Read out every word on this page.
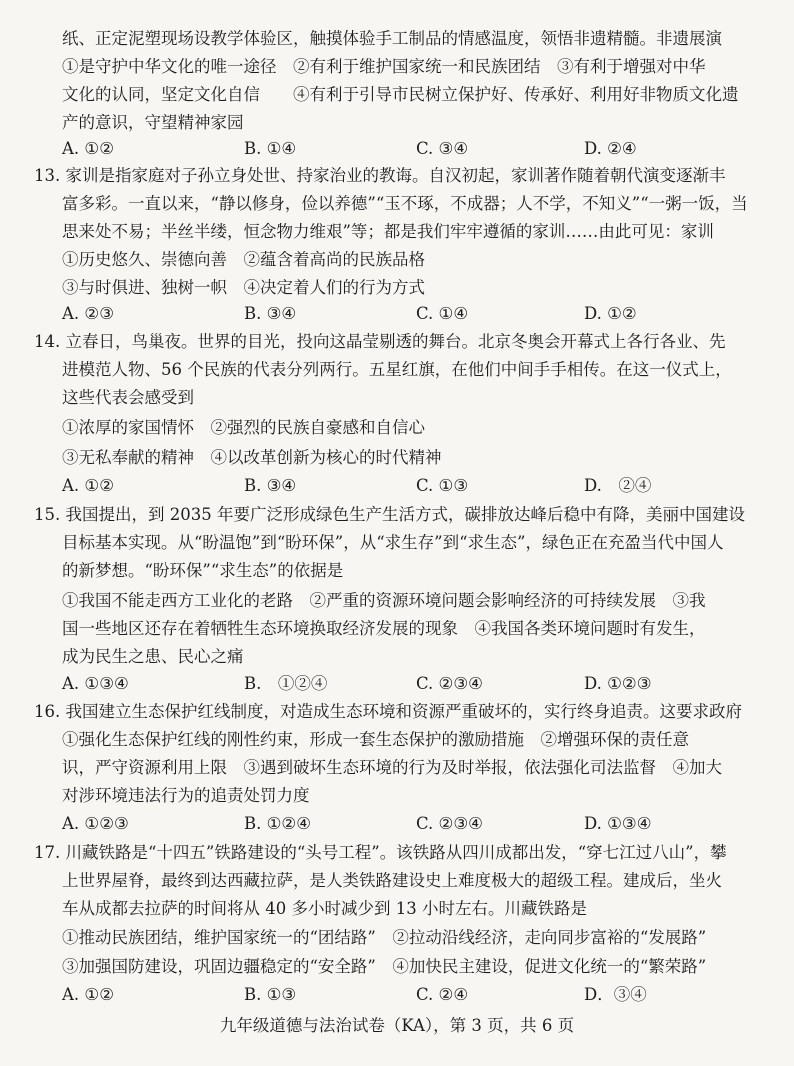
纸、正定泥塑现场设教学体验区，触摸体验手工制品的情感温度，领悟非遗精髓。非遗展演
①是守护中华文化的唯一途径　②有利于维护国家统一和民族团结　③有利于增强对中华
文化的认同，坚定文化自信　　④有利于引导市民树立保护好、传承好、利用好非物质文化遗
产的意识，守望精神家园
A. ①②	B. ①④	C. ③④	D. ②④
13. 家训是指家庭对子孙立身处世、持家治业的教诲。自汉初起，家训著作随着朝代演变逐渐丰
富多彩。一直以来，“静以修身，俭以养德”“玉不琢，不成器；人不学，不知义”“一粥一饭，当
思来处不易；半丝半缕，恒念物力维艰”等；都是我们牢牢遵循的家训……由此可见：家训
①历史悠久、崇德向善　②蕴含着高尚的民族品格
③与时俱进、独树一帜　④决定着人们的行为方式
A. ②③	B. ③④	C. ①④	D. ①②
14. 立春日，鸟巢夜。世界的目光，投向这晶莹剔透的舞台。北京冬奥会开幕式上各行各业、先
进模范人物、56 个民族的代表分列两行。五星红旗，在他们中间手手相传。在这一仪式上，
这些代表会感受到
①浓厚的家国情怀　②强烈的民族自豪感和自信心
③无私奉献的精神　④以改革创新为核心的时代精神
A. ①②	B. ③④	C. ①③	D.　②④
15. 我国提出，到 2035 年要广泛形成绿色生产生活方式，碳排放达峰后稳中有降，美丽中国建设
目标基本实现。从“盼温饱”到“盼环保”，从“求生存”到“求生态”，绿色正在充盈当代中国人
的新梦想。“盼环保”“求生态”的依据是
①我国不能走西方工业化的老路　②严重的资源环境问题会影响经济的可持续发展　③我
国一些地区还存在着牺牲生态环境换取经济发展的现象　④我国各类环境问题时有发生，
成为民生之患、民心之痛
A. ①③④	B.　①②④	C. ②③④	D. ①②③
16. 我国建立生态保护红线制度，对造成生态环境和资源严重破坏的，实行终身追责。这要求政府
①强化生态保护红线的刚性约束，形成一套生态保护的激励措施　②增强环保的责任意
识，严守资源利用上限　③遇到破坏生态环境的行为及时举报，依法强化司法监督　④加大
对涉环境违法行为的追责处罚力度
A. ①②③	B. ①②④	C. ②③④	D. ①③④
17. 川藏铁路是“十四五”铁路建设的“头号工程”。该铁路从四川成都出发，“穿七江过八山”，攀
上世界屋脊，最终到达西藏拉萨，是人类铁路建设史上难度极大的超级工程。建成后，坐火
车从成都去拉萨的时间将从 40 多小时减少到 13 小时左右。川藏铁路是
①推动民族团结，维护国家统一的“团结路”　②拉动沿线经济，走向同步富裕的“发展路”
③加强国防建设，巩固边疆稳定的“安全路”　④加快民主建设，促进文化统一的“繁荣路”
A. ①②	B. ①③	C. ②④	D．③④
九年级道德与法治试卷（KA），第 3 页，共 6 页
